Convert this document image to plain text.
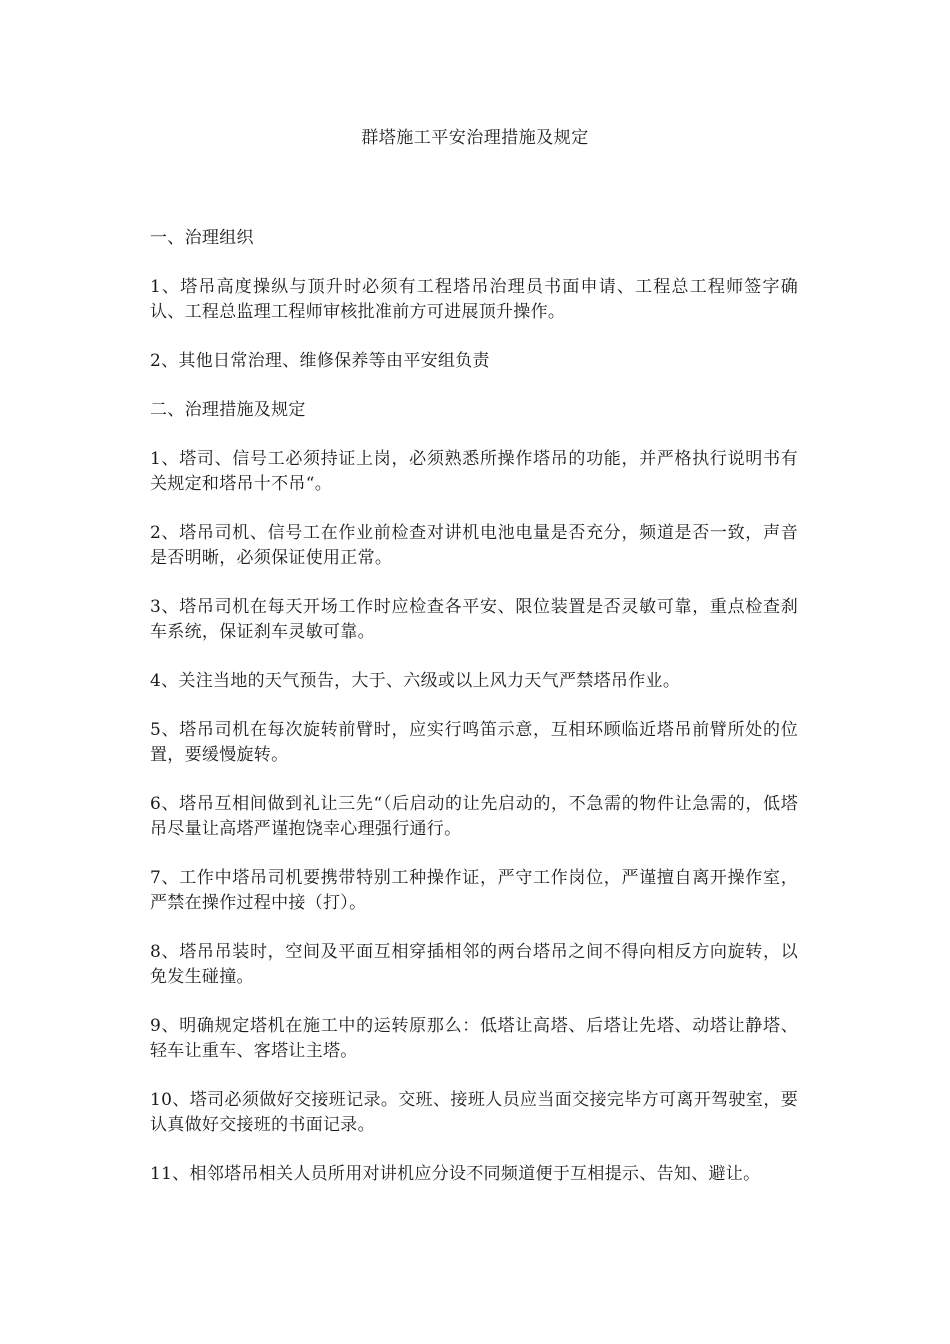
群塔施工平安治理措施及规定

一、治理组织

1、塔吊高度操纵与顶升时必须有工程塔吊治理员书面申请、工程总工程师签字确认、工程总监理工程师审核批准前方可进展顶升操作。

2、其他日常治理、维修保养等由平安组负责

二、治理措施及规定

1、塔司、信号工必须持证上岗，必须熟悉所操作塔吊的功能，并严格执行说明书有关规定和塔吊十不吊“。

2、塔吊司机、信号工在作业前检查对讲机电池电量是否充分，频道是否一致，声音是否明晰，必须保证使用正常。

3、塔吊司机在每天开场工作时应检查各平安、限位装置是否灵敏可靠，重点检查刹车系统，保证刹车灵敏可靠。

4、关注当地的天气预告，大于、六级或以上风力天气严禁塔吊作业。

5、塔吊司机在每次旋转前臂时，应实行鸣笛示意，互相环顾临近塔吊前臂所处的位置，要缓慢旋转。

6、塔吊互相间做到礼让三先“（后启动的让先启动的，不急需的物件让急需的，低塔吊尽量让高塔严谨抱饶幸心理强行通行。

7、工作中塔吊司机要携带特别工种操作证，严守工作岗位，严谨擅自离开操作室，严禁在操作过程中接（打）。

8、塔吊吊装时，空间及平面互相穿插相邻的两台塔吊之间不得向相反方向旋转，以免发生碰撞。

9、明确规定塔机在施工中的运转原那么：低塔让高塔、后塔让先塔、动塔让静塔、轻车让重车、客塔让主塔。

10、塔司必须做好交接班记录。交班、接班人员应当面交接完毕方可离开驾驶室，要认真做好交接班的书面记录。

11、相邻塔吊相关人员所用对讲机应分设不同频道便于互相提示、告知、避让。
